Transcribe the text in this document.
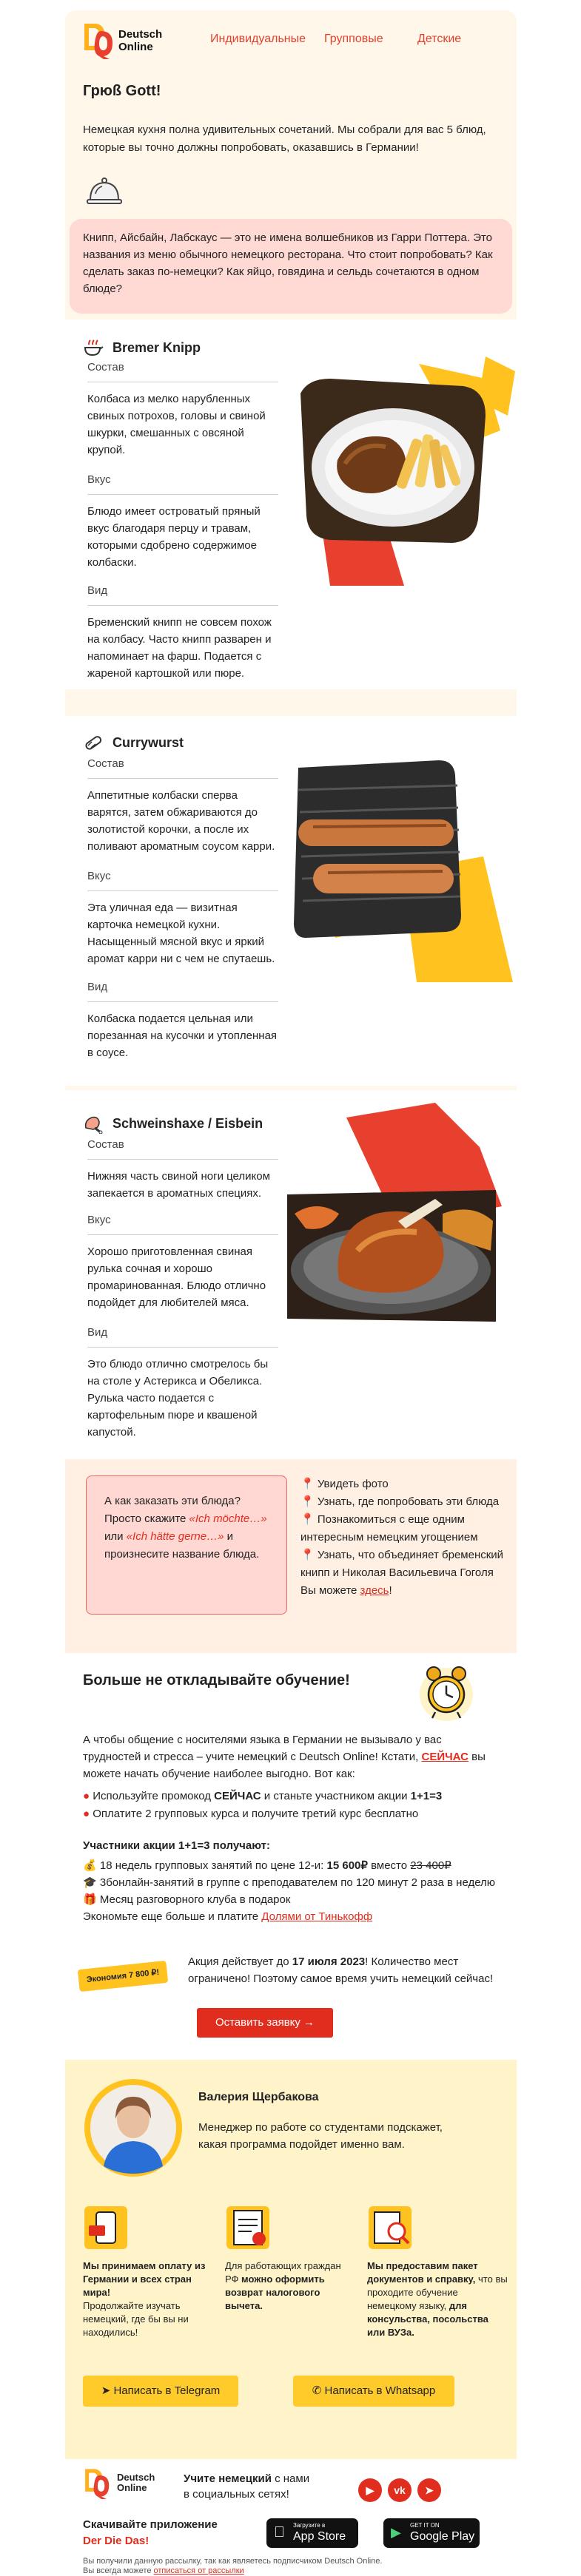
Deutsch
Online
Индивидуальные Групповые	Детские
Грюß Gott!
Немецкая кухня полна удивительных сочетаний. Мы собрали для вас 5 блюд, которые вы точно должны попробовать, оказавшись в Германии!

Книпп, Айсбайн, Лабскаус — это не имена волшебников из Гарри Поттера. Это названия из меню обычного немецкого ресторана. Что стоит попробовать? Как сделать заказ по-немецки? Как яйцо, говядина и сельдь сочетаются в одном блюде?

Bremer Knipp
Состав
Колбаса из мелко нарубленных свиных потрохов, головы и свиной шкурки, смешанных с овсяной крупой.
Вкус
Блюдо имеет островатый пряный вкус благодаря перцу и травам, которыми сдобрено содержимое колбаски.
Вид
Бременский книпп не совсем похож на колбасу. Часто книпп разварен и напоминает на фарш. Подается с жареной картошкой или пюре.
Currywurst
Состав
Аппетитные колбаски сперва варятся, затем обжариваются до золотистой корочки, а после их поливают ароматным соусом карри.
Вкус
Эта уличная еда — визитная карточка немецкой кухни. Насыщенный мясной вкус и яркий аромат карри ни с чем не спутаешь.
Вид
Колбаска подается цельная или порезанная на кусочки и утопленная в соусе.
Schweinshaxe / Eisbein
Состав
Нижняя часть свиной ноги целиком запекается в ароматных специях.
Вкус
Хорошо приготовленная свиная рулька сочная и хорошо промаринованная. Блюдо отлично подойдет для любителей мяса.
Вид
Это блюдо отлично смотрелось бы на столе у Астерикса и Обеликса. Рулька часто подается с картофельным пюре и квашеной капустой.

А как заказать эти блюда?
Просто скажите «Ich möchte…»
или «Ich hätte gerne…» и
произнесите название блюда.

📍 Увидеть фото
📍 Узнать, где попробовать эти блюда
📍 Познакомиться с еще одним интересным немецким угощением
📍 Узнать, что объединяет бременский книпп и Николая Васильевича Гоголя
Вы можете здесь!
Больше не откладывайте обучение!
А чтобы общение с носителями языка в Германии не вызывало у вас трудностей и стресса – учите немецкий с Deutsch Online! Кстати, СЕЙЧАС вы можете начать обучение наиболее выгодно. Вот как:
● Используйте промокод СЕЙЧАС и станьте участником акции 1+1=3
● Оплатите 2 групповых курса и получите третий курс бесплатно
Участники акции 1+1=3 получают:
💰 18 недель групповых занятий по цене 12-и: 15 600₽ вместо 23 400₽
🎓 3бонлайн-занятий в группе с преподавателем по 120 минут 2 раза в неделю
🎁 Месяц разговорного клуба в подарок
Экономьте еще больше и платите Долями от Тинькофф
Экономия 7 800 ₽!
Акция действует до 17 июля 2023! Количество мест ограничено! Поэтому самое время учить немецкий сейчас!
Оставить заявку →
Валерия Щербакова
Менеджер по работе со студентами подскажет, какая программа подойдет именно вам.
Мы принимаем оплату из Германии и всех стран мира!
Продолжайте изучать немецкий, где бы вы ни находились!
Для работающих граждан РФ можно оформить возврат налогового вычета.
Мы предоставим пакет документов и справку, что вы проходите обучение немецкому языку, для консульства, посольства или ВУЗа.
➤ Написать в Telegram	✆ Написать в Whatsapp
Deutsch
Online
Учите немецкий с нами в социальных сетях!	▶	vk	➤
Скачивайте приложение
Der Die Das!
Загрузите в
App Store	▶ GET IT ON
Google Play
Вы получили данную рассылку, так как являетесь подписчиком Deutsch Online.
Вы всегда можете отписаться от рассылки
